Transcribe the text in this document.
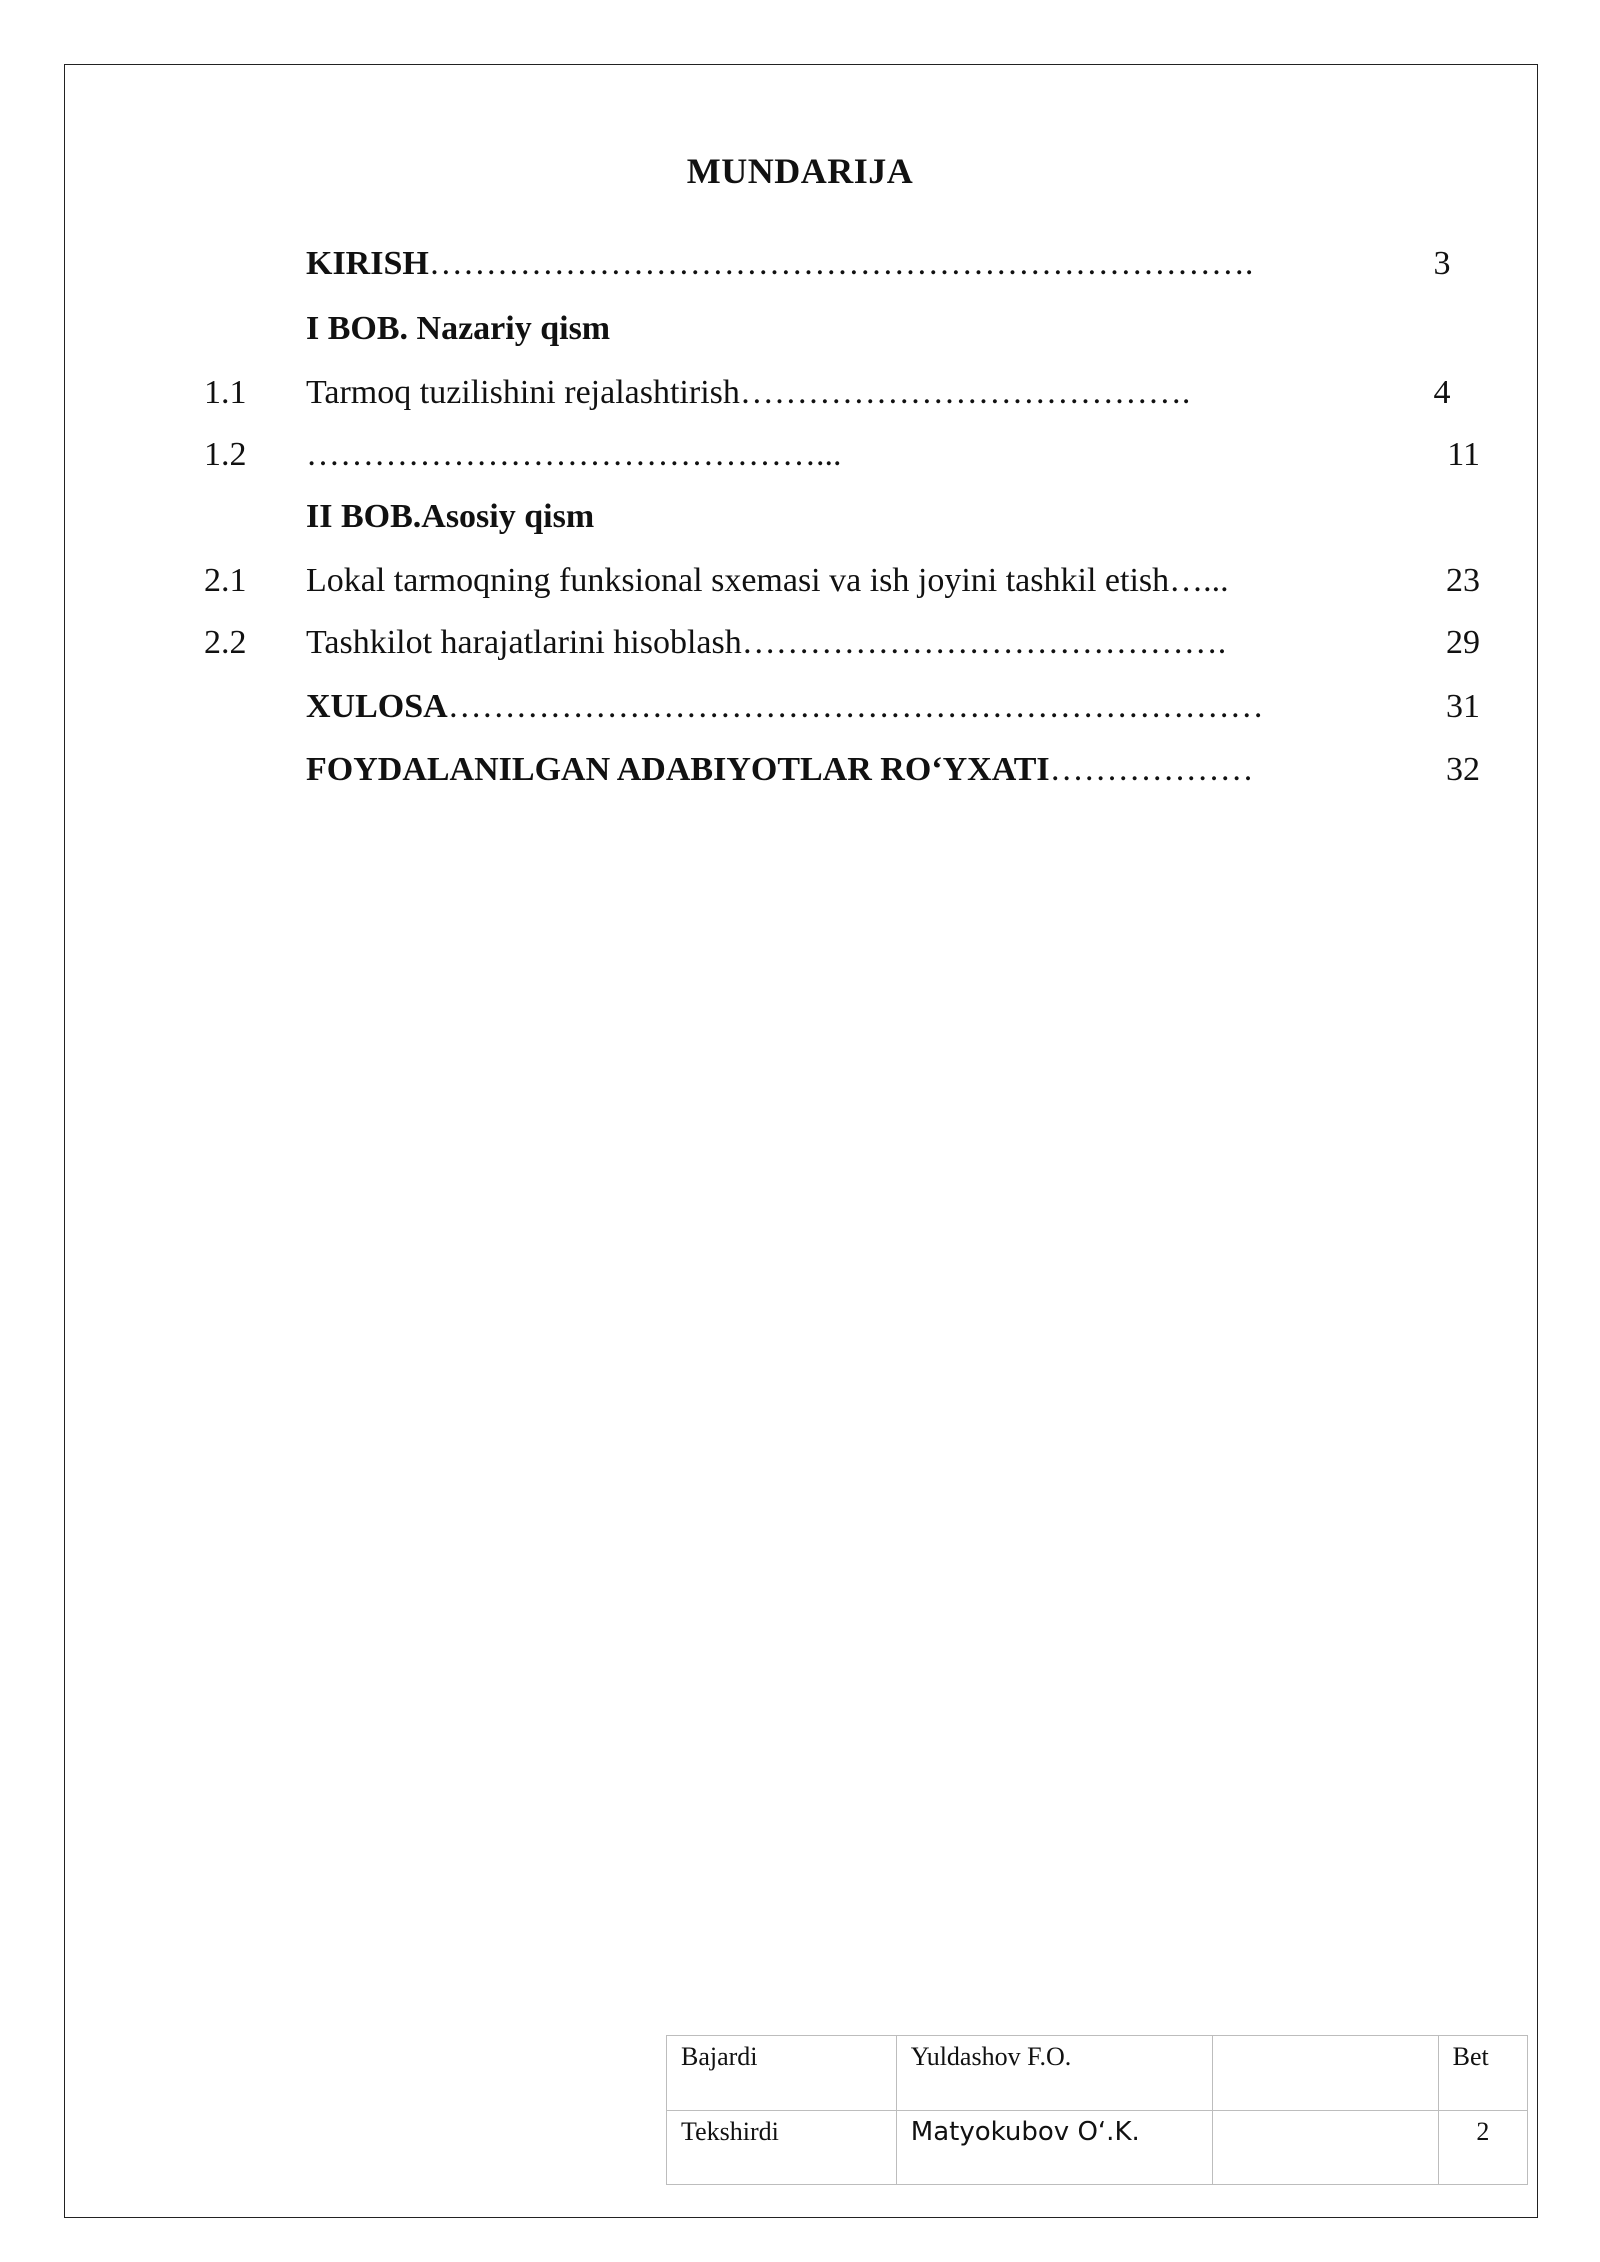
MUNDARIJA
KIRISH……………………………………………………………….	3
I BOB. Nazariy qism
1.1 Tarmoq tuzilishini rejalashtirish………………………………….	4
1.2 ………………………………………...	11
II BOB.Asosiy qism
2.1 Lokal tarmoqning funksional sxemasi va ish joyini tashkil etish…...	23
2.2 Tashkilot harajatlarini hisoblash…………………………………….	29
XULOSA………………………………………………………………	31
FOYDALANILGAN ADABIYOTLAR RO‘YXATI………………	32
Bajardi	Yuldashov F.O.		Bet
Tekshirdi	Matyokubov O‘.K.		2
